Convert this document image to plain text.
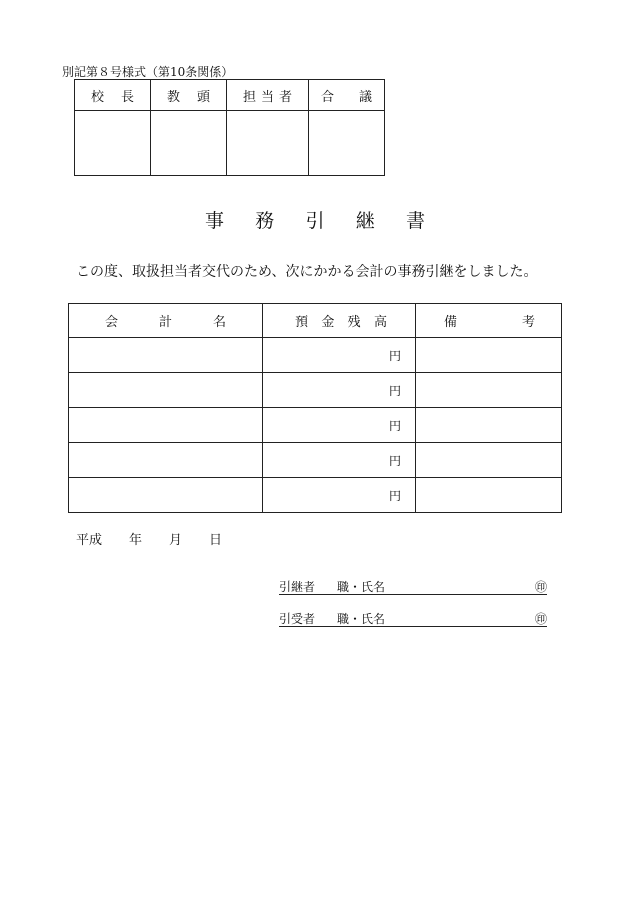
別記第８号様式（第10条関係）
校 長	教 頭	担 当 者	合 議

事 務 引 継 書
この度、取扱担当者交代のため、次にかかる会計の事務引継をしました。
会 計 名	預 金 残 高	備 考

	円	
	円	
	円	
	円	
	円	
平成	年	月	日
引継者 職・氏名	㊞
引受者 職・氏名	㊞
